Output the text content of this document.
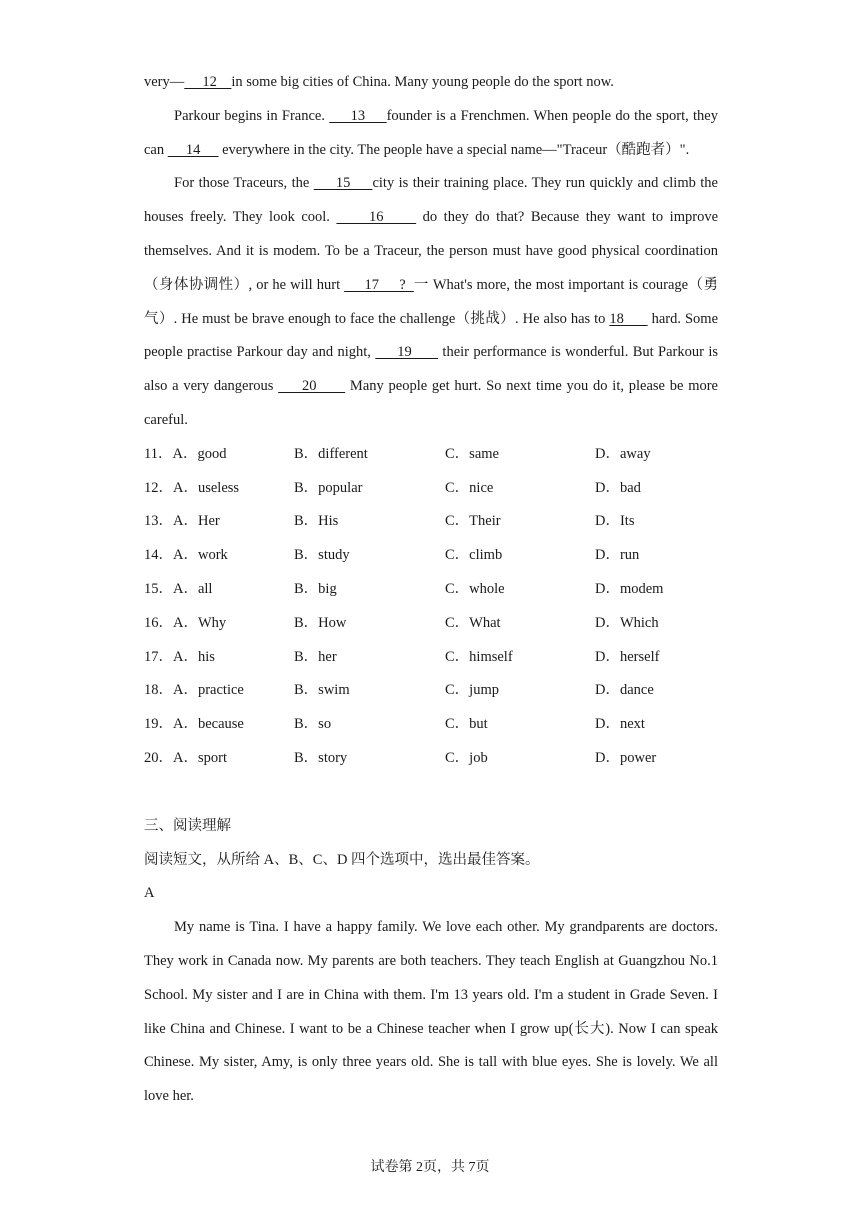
very—     12    in some big cities of China. Many young people do the sport now.

Parkour begins in France.      13     founder is a Frenchmen. When people do the sport, they can      14      everywhere in the city. The people have a special name—"Traceur（酷跑者）".

For those Traceurs, the      15     city is their training place. They run quickly and climb the houses freely. They look cool.      16      do they do that? Because they want to improve themselves. And it is modem. To be a Traceur, the person must have good physical coordination（身体协调性）, or he will hurt      17     ?  一 What's more, the most important is courage（勇气）. He must be brave enough to face the challenge（挑战）. He also has to 18       hard. Some people practise Parkour day and night,      19       their performance is wonderful. But Parkour is also a very dangerous      20       Many people get hurt. So next time you do it, please be more careful.

11．A．good	B．different	C．same	D．away
12．A．useless	B．popular	C．nice	D．bad
13．A．Her	B．His	C．Their	D．Its
14．A．work	B．study	C．climb	D．run
15．A．all	B．big	C．whole	D．modem
16．A．Why	B．How	C．What	D．Which
17．A．his	B．her	C．himself	D．herself
18．A．practice	B．swim	C．jump	D．dance
19．A．because	B．so	C．but	D．next
20．A．sport	B．story	C．job	D．power

三、阅读理解

阅读短文，从所给 A、B、C、D 四个选项中，选出最佳答案。

A

My name is Tina. I have a happy family. We love each other. My grandparents are doctors. They work in Canada now. My parents are both teachers. They teach English at Guangzhou No.1 School. My sister and I are in China with them. I'm 13 years old. I'm a student in Grade Seven. I like China and Chinese. I want to be a Chinese teacher when I grow up(长大). Now I can speak Chinese. My sister, Amy, is only three years old. She is tall with blue eyes. She is lovely. We all love her.

试卷第 2页，共 7页
